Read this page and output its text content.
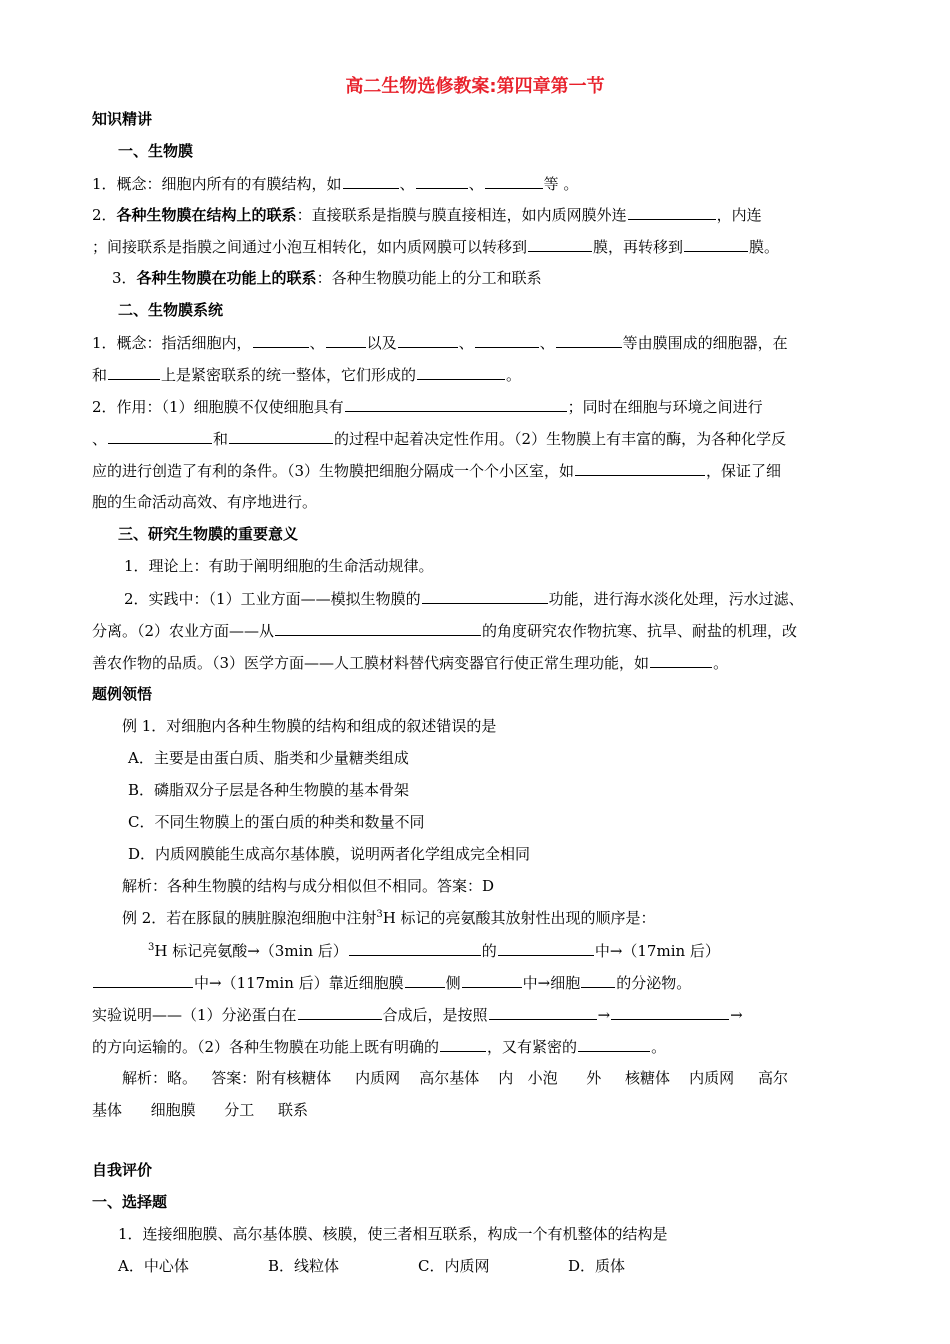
高二生物选修教案:第四章第一节
知识精讲
一、生物膜
1．概念：细胞内所有的有膜结构，如	、	、	等 。
2．各种生物膜在结构上的联系：直接联系是指膜与膜直接相连，如内质网膜外连	，内连
；间接联系是指膜之间通过小泡互相转化，如内质网膜可以转移到	膜，再转移到	膜。
3．各种生物膜在功能上的联系：各种生物膜功能上的分工和联系
二、生物膜系统
1．概念：指活细胞内，	、	以及	、	、	等由膜围成的细胞器，在
和	上是紧密联系的统一整体，它们形成的	。
2．作用：（1）细胞膜不仅使细胞具有	；同时在细胞与环境之间进行
、	和	的过程中起着决定性作用。（2）生物膜上有丰富的酶，为各种化学反
应的进行创造了有利的条件。（3）生物膜把细胞分隔成一个个小区室，如	，保证了细
胞的生命活动高效、有序地进行。
三、研究生物膜的重要意义
1．理论上：有助于阐明细胞的生命活动规律。
2．实践中：（1）工业方面——模拟生物膜的	功能，进行海水淡化处理，污水过滤、
分离。（2）农业方面——从	的角度研究农作物抗寒、抗旱、耐盐的机理，改
善农作物的品质。（3）医学方面——人工膜材料替代病变器官行使正常生理功能，如	。
题例领悟
例 1．对细胞内各种生物膜的结构和组成的叙述错误的是
A．主要是由蛋白质、脂类和少量糖类组成
B．磷脂双分子层是各种生物膜的基本骨架
C．不同生物膜上的蛋白质的种类和数量不同
D．内质网膜能生成高尔基体膜，说明两者化学组成完全相同
解析：各种生物膜的结构与成分相似但不相同。答案：D
例 2．若在豚鼠的胰脏腺泡细胞中注射$^3$H 标记的亮氨酸其放射性出现的顺序是：
$^3$H 标记亮氨酸→（3min 后）	的	中→（17min 后）
中→（117min 后）靠近细胞膜	侧	中→细胞 的分泌物。
实验说明——（1）分泌蛋白在	合成后，是按照	→	→
的方向运输的。（2）各种生物膜在功能上既有明确的	，又有紧密的	。
解析：略。   答案：附有核糖体     内质网    高尔基体    内   小泡      外     核糖体    内质网     高尔
基体      细胞膜      分工     联系
自我评价
一、选择题
1．连接细胞膜、高尔基体膜、核膜，使三者相互联系，构成一个有机整体的结构是
A．中心体	B．线粒体	C．内质网	D．质体
